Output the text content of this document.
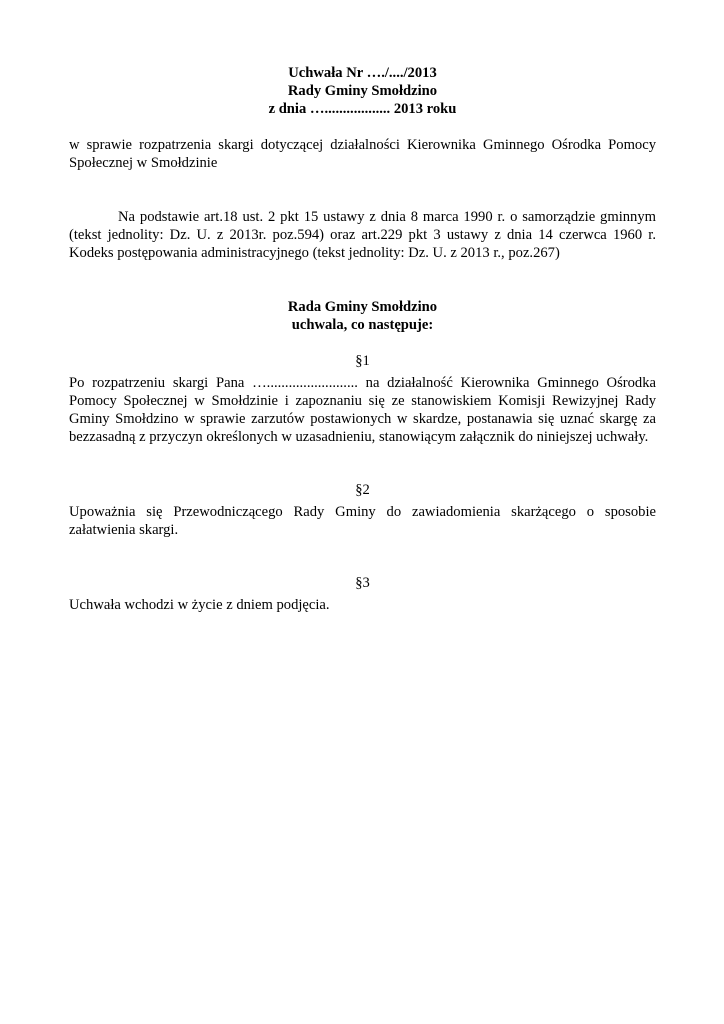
Uchwała Nr …./..../2013
Rady Gminy Smołdzino
z dnia ….................. 2013 roku

w sprawie rozpatrzenia skargi dotyczącej działalności Kierownika Gminnego Ośrodka Pomocy Społecznej w Smołdzinie

Na podstawie art.18 ust. 2 pkt 15 ustawy z dnia 8 marca 1990 r. o samorządzie gminnym (tekst jednolity: Dz. U. z 2013r. poz.594) oraz art.229 pkt 3 ustawy z dnia 14 czerwca 1960 r. Kodeks postępowania administracyjnego (tekst jednolity: Dz. U. z 2013 r., poz.267)

Rada Gminy Smołdzino
uchwala, co następuje:

§1

Po rozpatrzeniu skargi Pana …......................... na działalność Kierownika Gminnego Ośrodka Pomocy Społecznej w Smołdzinie i zapoznaniu się ze stanowiskiem Komisji Rewizyjnej Rady Gminy Smołdzino w sprawie zarzutów postawionych w skardze, postanawia się uznać skargę za bezzasadną z przyczyn określonych w uzasadnieniu, stanowiącym załącznik do niniejszej uchwały.

§2

Upoważnia się Przewodniczącego Rady Gminy do zawiadomienia skarżącego o sposobie załatwienia skargi.

§3

Uchwała wchodzi w życie z dniem podjęcia.
